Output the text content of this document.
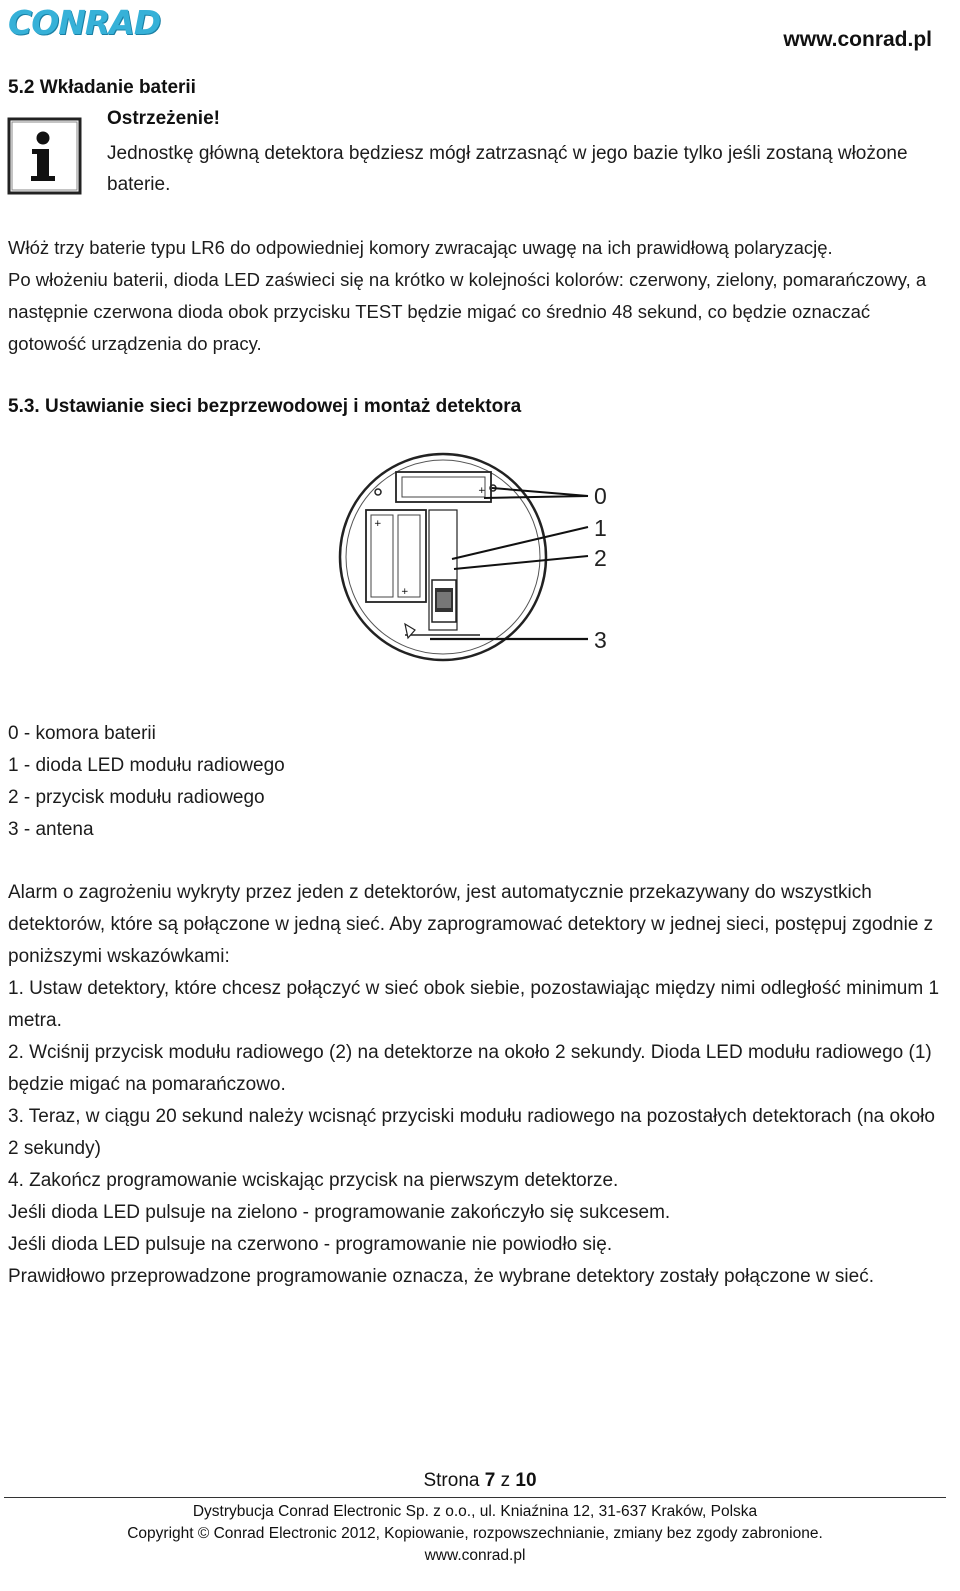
CONRAD	www.conrad.pl
5.2 Wkładanie baterii
Ostrzeżenie!
Jednostkę główną detektora będziesz mógł zatrzasnąć w jego bazie tylko jeśli zostaną włożone baterie.

Włóż trzy baterie typu LR6 do odpowiedniej komory zwracając uwagę na ich prawidłową polaryzację.

Po włożeniu baterii, dioda LED zaświeci się na krótko w kolejności kolorów: czerwony, zielony, pomarańczowy, a następnie czerwona dioda obok przycisku TEST będzie migać co średnio 48 sekund, co będzie oznaczać gotowość urządzenia do pracy.

5.3. Ustawianie sieci bezprzewodowej i montaż detektora
+
+
+
0
1
2
3
0 - komora baterii
1 - dioda LED modułu radiowego
2 - przycisk modułu radiowego
3 - antena
Alarm o zagrożeniu wykryty przez jeden z detektorów, jest automatycznie przekazywany do wszystkich detektorów, które są połączone w jedną sieć. Aby zaprogramować detektory w jednej sieci, postępuj zgodnie z poniższymi wskazówkami:
1. Ustaw detektory, które chcesz połączyć w sieć obok siebie, pozostawiając między nimi odległość minimum 1 metra.
2. Wciśnij przycisk modułu radiowego (2) na detektorze na około 2 sekundy. Dioda LED modułu radiowego (1) będzie migać na pomarańczowo.
3. Teraz, w ciągu 20 sekund należy wcisnąć przyciski modułu radiowego na pozostałych detektorach (na około 2 sekundy)
4. Zakończ programowanie wciskając przycisk na pierwszym detektorze.
Jeśli dioda LED pulsuje na zielono - programowanie zakończyło się sukcesem.
Jeśli dioda LED pulsuje na czerwono - programowanie nie powiodło się.
Prawidłowo przeprowadzone programowanie oznacza, że wybrane detektory zostały połączone w sieć.
Strona 7 z 10
Dystrybucja Conrad Electronic Sp. z o.o., ul. Kniaźnina 12, 31-637 Kraków, Polska
Copyright © Conrad Electronic 2012, Kopiowanie, rozpowszechnianie, zmiany bez zgody zabronione.
www.conrad.pl
